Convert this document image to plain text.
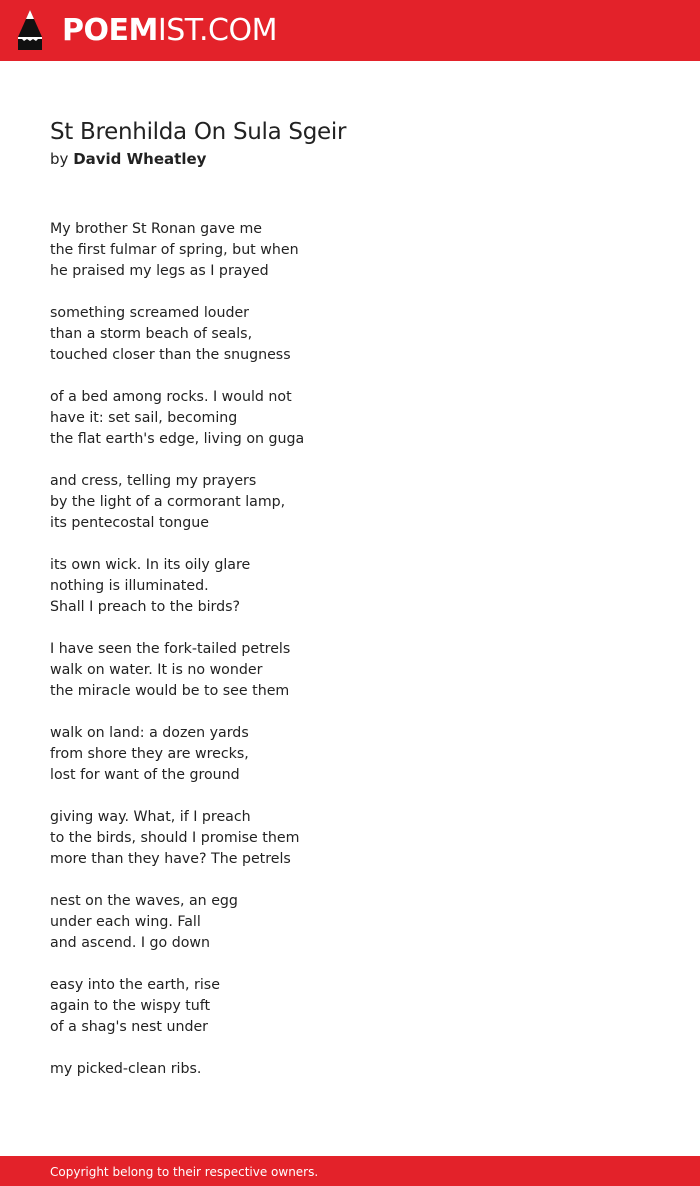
POEMIST.COM
St Brenhilda On Sula Sgeir
by David Wheatley
My brother St Ronan gave me
the first fulmar of spring, but when
he praised my legs as I prayed
something screamed louder
than a storm beach of seals,
touched closer than the snugness
of a bed among rocks. I would not
have it: set sail, becoming
the flat earth's edge, living on guga
and cress, telling my prayers
by the light of a cormorant lamp,
its pentecostal tongue
its own wick. In its oily glare
nothing is illuminated.
Shall I preach to the birds?
I have seen the fork-tailed petrels
walk on water. It is no wonder
the miracle would be to see them
walk on land: a dozen yards
from shore they are wrecks,
lost for want of the ground
giving way. What, if I preach
to the birds, should I promise them
more than they have? The petrels
nest on the waves, an egg
under each wing. Fall
and ascend. I go down
easy into the earth, rise
again to the wispy tuft
of a shag's nest under
my picked-clean ribs.
Copyright belong to their respective owners.
